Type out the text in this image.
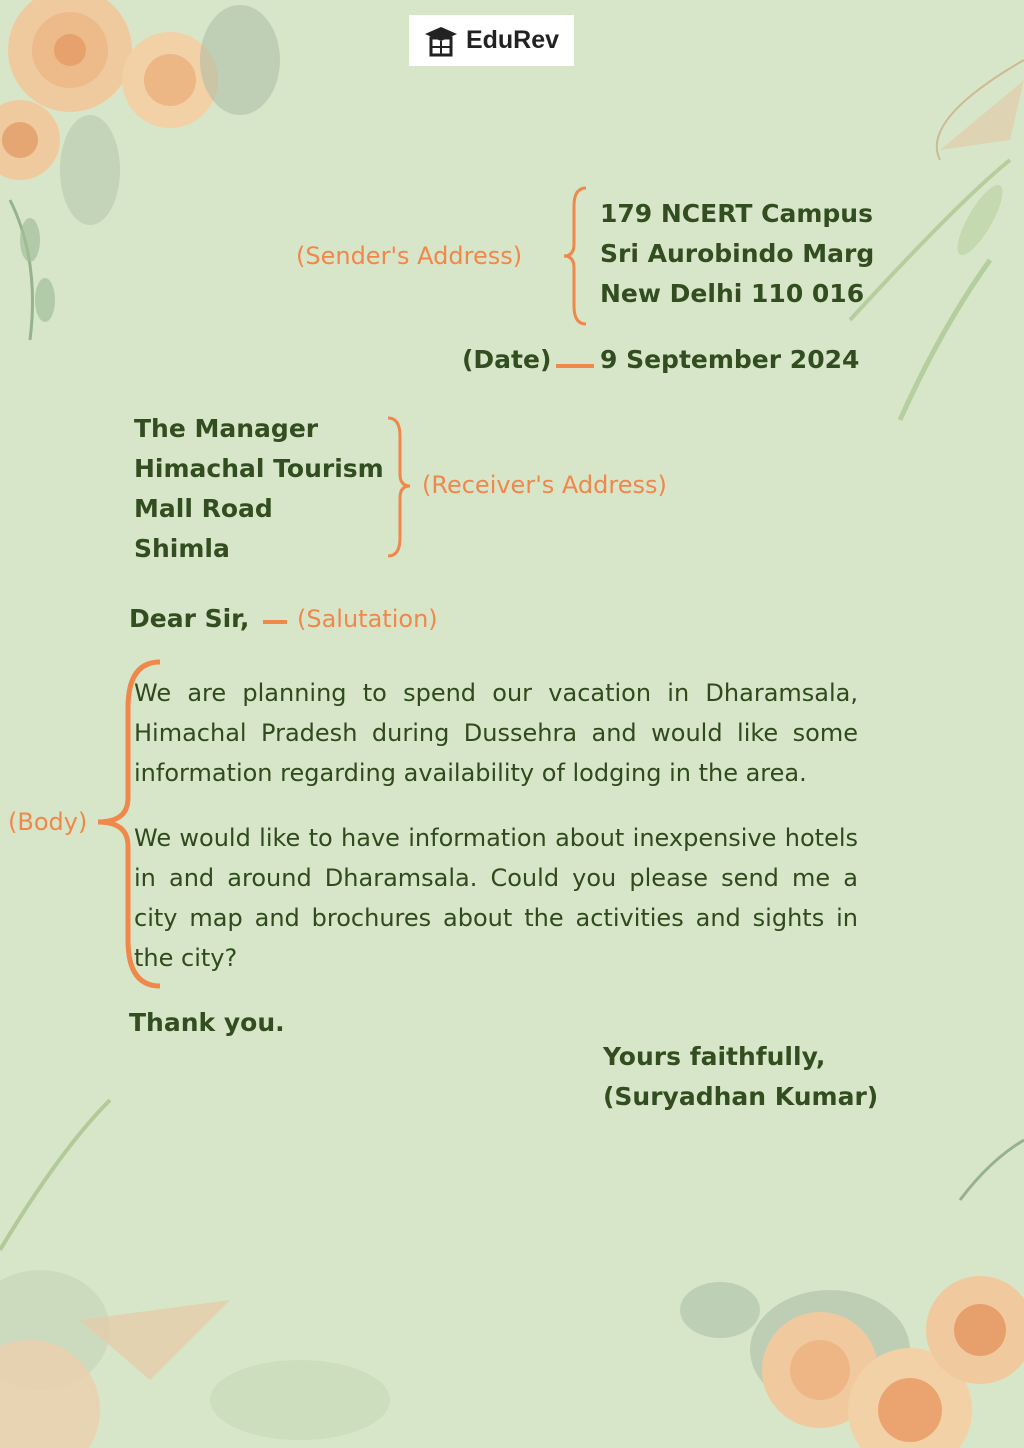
EduRev
(Sender's Address)
179 NCERT Campus
Sri Aurobindo Marg
New Delhi 110 016
(Date) 9 September 2024
The Manager
Himachal Tourism
Mall Road
Shimla
(Receiver's Address)
Dear Sir, (Salutation)
(Body)
We are planning to spend our vacation in Dharamsala, Himachal Pradesh during Dussehra and would like some information regarding availability of lodging in the area.
We would like to have information about inexpensive hotels in and around Dharamsala. Could you please send me a city map and brochures about the activities and sights in the city?
Thank you.
Yours faithfully,
(Suryadhan Kumar)
